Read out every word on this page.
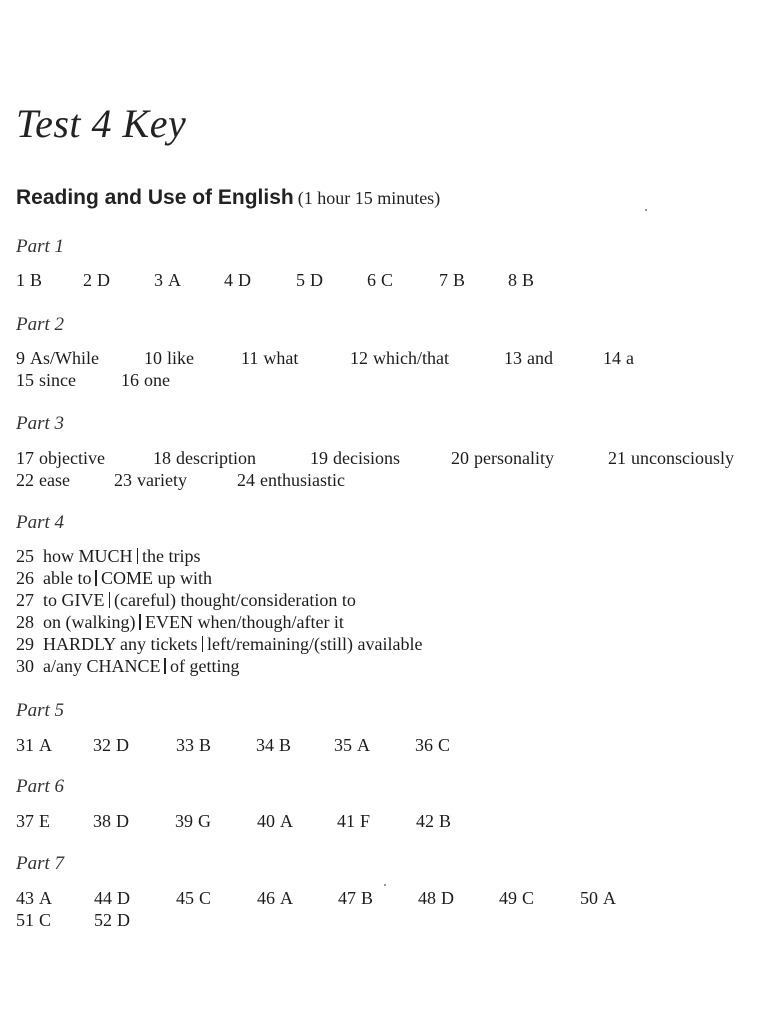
Test 4 Key
Reading and Use of English (1 hour 15 minutes)
Part 1
1 B 2 D 3 A 4 D	5 D 6 C	7 B 8 B
Part 2
9 As/While	10 like	11 what	12 which/that	13 and	14 a
15 since	16 one
Part 3
17 objective	18 description	19 decisions	20 personality	21 unconsciously
22 ease 23 variety	24 enthusiastic
Part 4
25 how MUCH the trips
26 able to COME up with
27 to GIVE (careful) thought/consideration to
28 on (walking) EVEN when/though/after it
29 HARDLY any tickets left/remaining/(still) available
30 a/any CHANCE of getting
Part 5
31 A 32 D	33 B 34 B 35 A	36 C
Part 6
37 E 38 D	39 G	40 A 41 F	42 B
Part 7
43 A 44 D	45 C	46 A	47 B 48 D	49 C	50 A
51 C 52 D
